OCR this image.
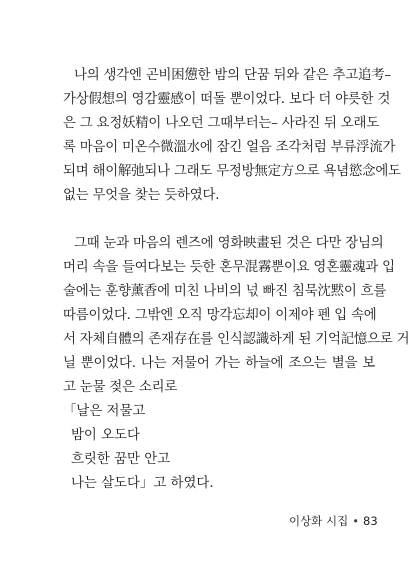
나의 생각엔 곤비困憊한 밤의 단꿈 뒤와 같은 추고追考–
가상假想의 영감靈感이 떠돌 뿐이었다. 보다 더 야릇한 것
은 그 요정妖精이 나오던 그때부터는– 사라진 뒤 오래도
록 마음이 미온수微溫水에 잠긴 얼음 조각처럼 부류浮流가
되며 해이解弛되나 그래도 무정방無定方으로 욕념慾念에도
없는 무엇을 찾는 듯하였다.
그때 눈과 마음의 렌즈에 영화映畫된 것은 다만 장님의
머리 속을 들여다보는 듯한 혼무混霧뿐이요 영혼靈魂과 입
술에는 훈향薰香에 미친 나비의 넋 빠진 침묵沈黙이 흐를
따름이었다. 그밖엔 오직 망각忘却이 이제야 펜 입 속에
서 자체自體의 존재存在를 인식認識하게 된 기억記憶으로 거
닐 뿐이었다. 나는 저물어 가는 하늘에 조으는 별을 보
고 눈물 젖은 소리로
「날은 저물고
밤이 오도다
흐릿한 꿈만 안고
나는 살도다」고 하였다.
이상화 시집 • 83
